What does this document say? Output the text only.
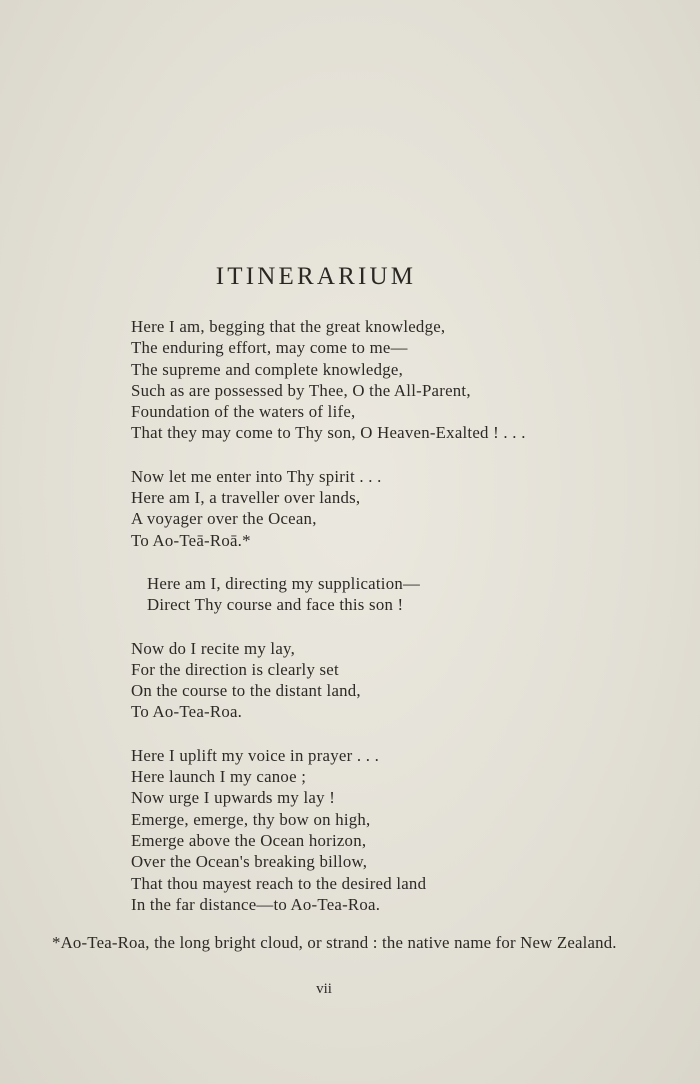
ITINERARIUM
Here I am, begging that the great knowledge,
The enduring effort, may come to me—
The supreme and complete knowledge,
Such as are possessed by Thee, O the All-Parent,
Foundation of the waters of life,
That they may come to Thy son, O Heaven-Exalted ! . . .
Now let me enter into Thy spirit . . .
Here am I, a traveller over lands,
A voyager over the Ocean,
To Ao-Teā-Roā.*
Here am I, directing my supplication—
Direct Thy course and face this son !
Now do I recite my lay,
For the direction is clearly set
On the course to the distant land,
To Ao-Tea-Roa.
Here I uplift my voice in prayer . . .
Here launch I my canoe ;
Now urge I upwards my lay !
Emerge, emerge, thy bow on high,
Emerge above the Ocean horizon,
Over the Ocean's breaking billow,
That thou mayest reach to the desired land
In the far distance—to Ao-Tea-Roa.

*Ao-Tea-Roa, the long bright cloud, or strand : the native name for New Zealand.

vii
